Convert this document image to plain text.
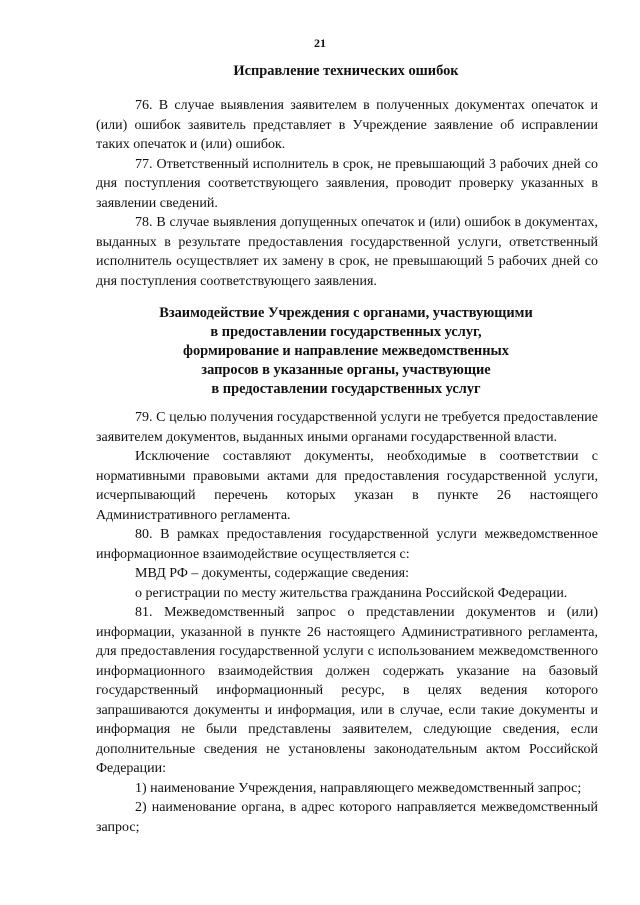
21
Исправление технических ошибок

76. В случае выявления заявителем в полученных документах опечаток и (или) ошибок заявитель представляет в Учреждение заявление об исправлении таких опечаток и (или) ошибок.

77. Ответственный исполнитель в срок, не превышающий 3 рабочих дней со дня поступления соответствующего заявления, проводит проверку указанных в заявлении сведений.

78. В случае выявления допущенных опечаток и (или) ошибок в документах, выданных в результате предоставления государственной услуги, ответственный исполнитель осуществляет их замену в срок, не превышающий 5 рабочих дней со дня поступления соответствующего заявления.

Взаимодействие Учреждения с органами, участвующими
в предоставлении государственных услуг,
формирование и направление межведомственных
запросов в указанные органы, участвующие
в предоставлении государственных услуг

79. С целью получения государственной услуги не требуется предоставление заявителем документов, выданных иными органами государственной власти.

Исключение составляют документы, необходимые в соответствии с нормативными правовыми актами для предоставления государственной услуги, исчерпывающий перечень которых указан в пункте 26 настоящего Административного регламента.

80. В рамках предоставления государственной услуги межведомственное информационное взаимодействие осуществляется с:

МВД РФ – документы, содержащие сведения:

о регистрации по месту жительства гражданина Российской Федерации.

81. Межведомственный запрос о представлении документов и (или) информации, указанной в пункте 26 настоящего Административного регламента, для предоставления государственной услуги с использованием межведомственного информационного взаимодействия должен содержать указание на базовый государственный информационный ресурс, в целях ведения которого запрашиваются документы и информация, или в случае, если такие документы и информация не были представлены заявителем, следующие сведения, если дополнительные сведения не установлены законодательным актом Российской Федерации:

1) наименование Учреждения, направляющего межведомственный запрос;

2) наименование органа, в адрес которого направляется межведомственный запрос;
